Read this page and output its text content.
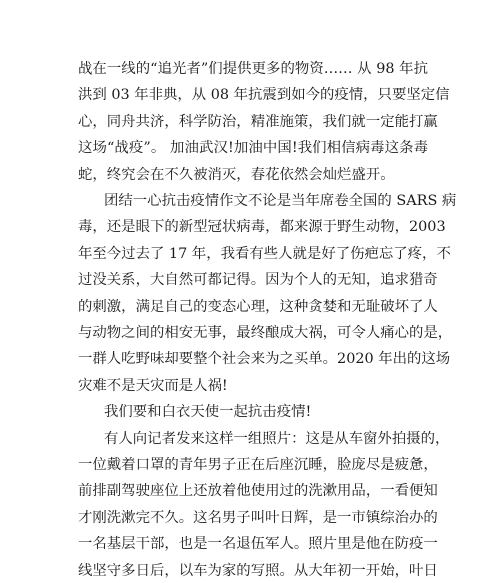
战在一线的“追光者”们提供更多的物资…… 从 98 年抗
洪到 03 年非典，从 08 年抗震到如今的疫情，只要坚定信
心，同舟共济，科学防治，精准施策，我们就一定能打赢
这场“战疫”。 加油武汉!加油中国!我们相信病毒这条毒
蛇，终究会在不久被消灭，春花依然会灿烂盛开。
团结一心抗击疫情作文不论是当年席卷全国的 SARS 病
毒，还是眼下的新型冠状病毒，都来源于野生动物，2003
年至今过去了 17 年，我看有些人就是好了伤疤忘了疼，不
过没关系，大自然可都记得。因为个人的无知，追求猎奇
的刺激，满足自己的变态心理，这种贪婪和无耻破坏了人
与动物之间的相安无事，最终酿成大祸，可令人痛心的是，
一群人吃野味却要整个社会来为之买单。2020 年出的这场
灾难不是天灾而是人祸!
我们要和白衣天使一起抗击疫情!
有人向记者发来这样一组照片：这是从车窗外拍摄的，
一位戴着口罩的青年男子正在后座沉睡，脸庞尽是疲惫，
前排副驾驶座位上还放着他使用过的洗漱用品，一看便知
才刚洗漱完不久。这名男子叫叶日辉，是一市镇综治办的
一名基层干部，也是一名退伍军人。照片里是他在防疫一
线坚守多日后，以车为家的写照。从大年初一开始，叶日
